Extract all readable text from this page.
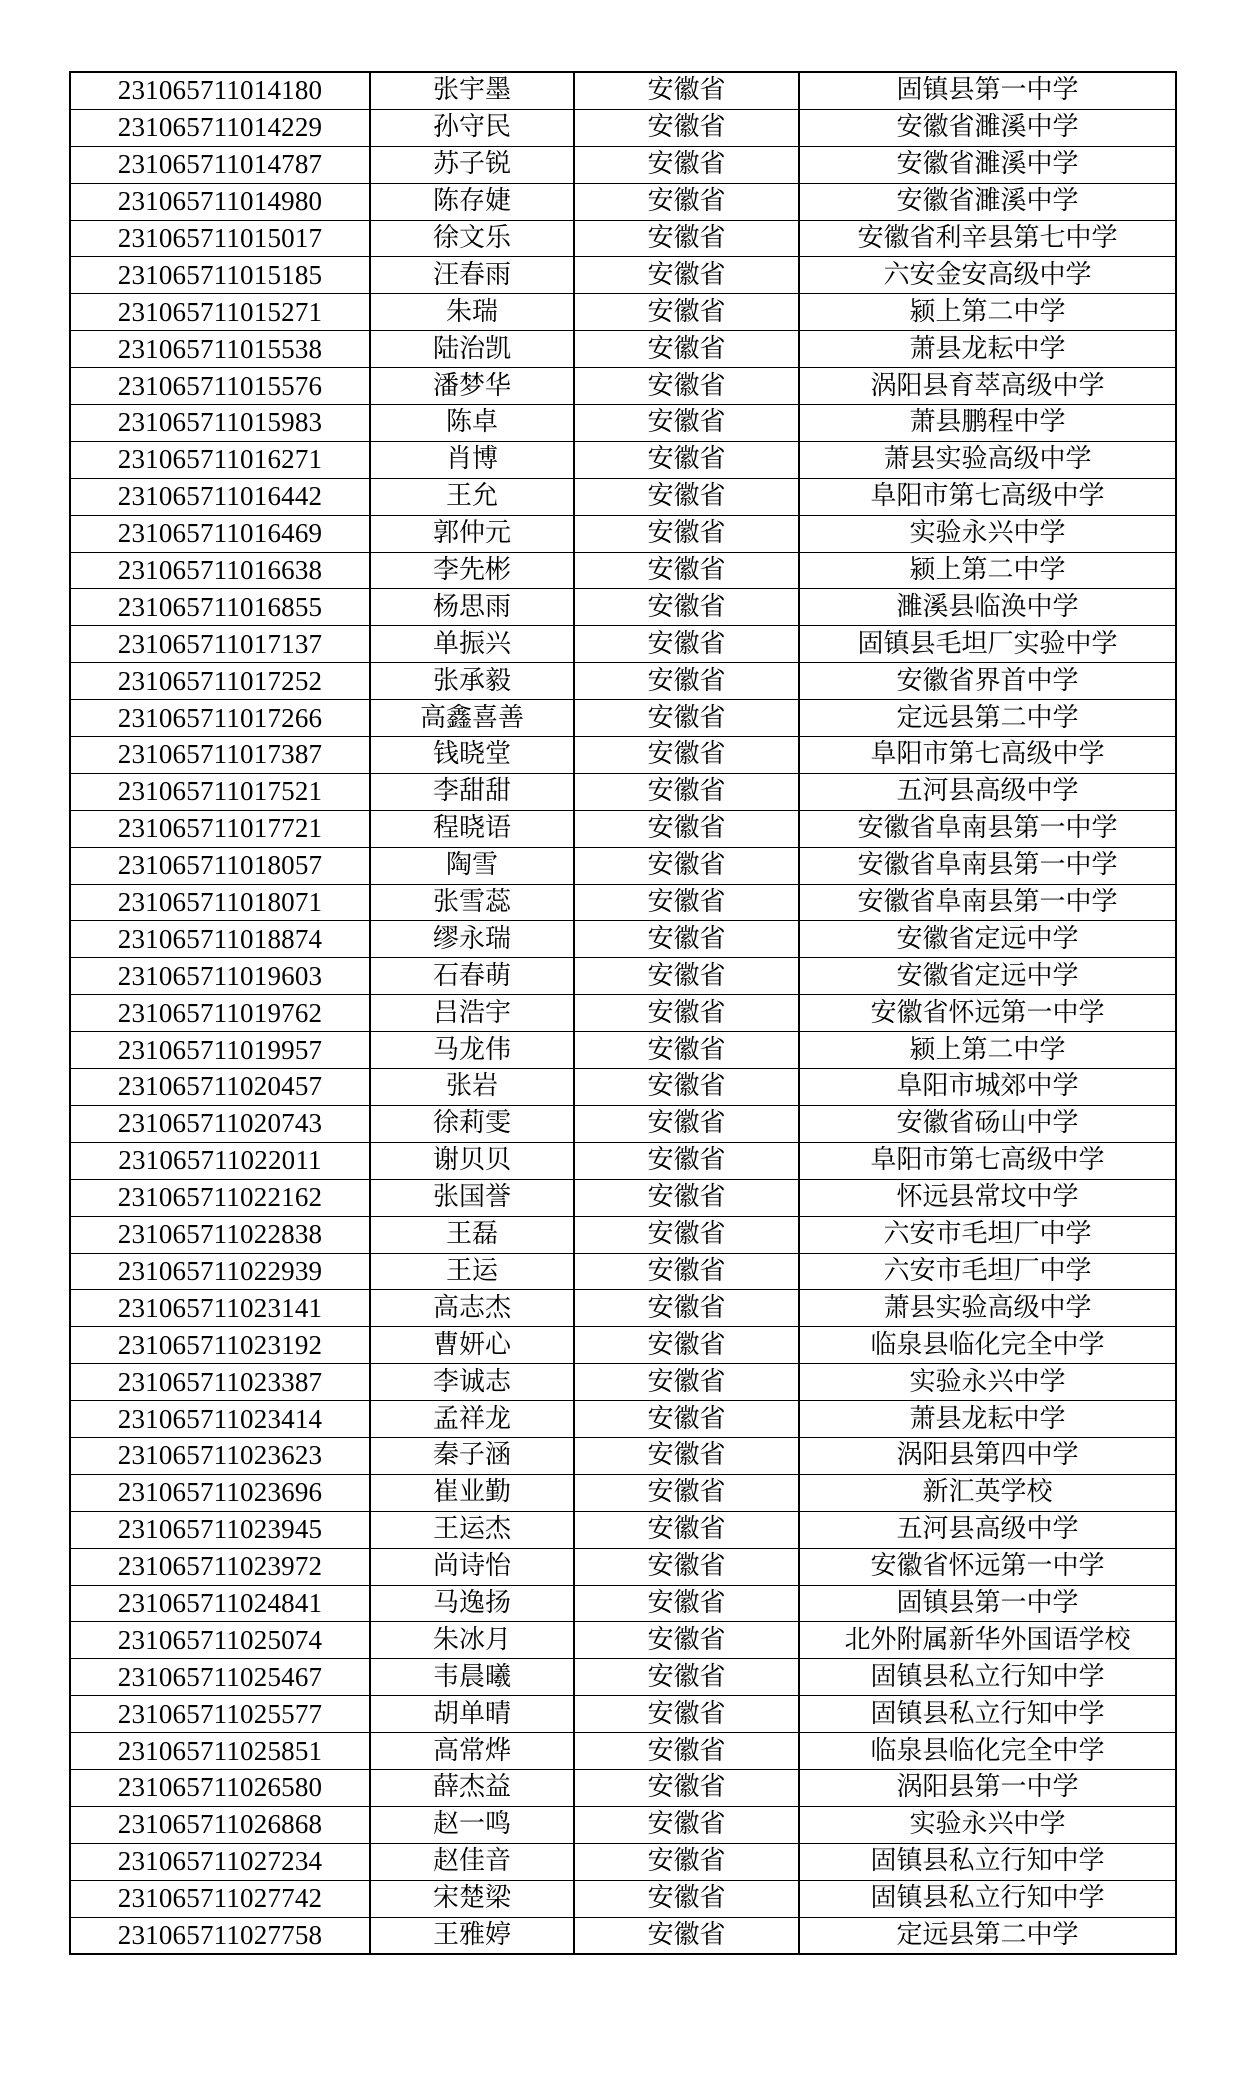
231065711014180	张宇墨	安徽省	固镇县第一中学
231065711014229	孙守民	安徽省	安徽省濉溪中学
231065711014787	苏子锐	安徽省	安徽省濉溪中学
231065711014980	陈存婕	安徽省	安徽省濉溪中学
231065711015017	徐文乐	安徽省	安徽省利辛县第七中学
231065711015185	汪春雨	安徽省	六安金安高级中学
231065711015271	朱瑞	安徽省	颍上第二中学
231065711015538	陆治凯	安徽省	萧县龙耘中学
231065711015576	潘梦华	安徽省	涡阳县育萃高级中学
231065711015983	陈卓	安徽省	萧县鹏程中学
231065711016271	肖博	安徽省	萧县实验高级中学
231065711016442	王允	安徽省	阜阳市第七高级中学
231065711016469	郭仲元	安徽省	实验永兴中学
231065711016638	李先彬	安徽省	颍上第二中学
231065711016855	杨思雨	安徽省	濉溪县临涣中学
231065711017137	单振兴	安徽省	固镇县毛坦厂实验中学
231065711017252	张承毅	安徽省	安徽省界首中学
231065711017266	高鑫喜善	安徽省	定远县第二中学
231065711017387	钱晓堂	安徽省	阜阳市第七高级中学
231065711017521	李甜甜	安徽省	五河县高级中学
231065711017721	程晓语	安徽省	安徽省阜南县第一中学
231065711018057	陶雪	安徽省	安徽省阜南县第一中学
231065711018071	张雪蕊	安徽省	安徽省阜南县第一中学
231065711018874	缪永瑞	安徽省	安徽省定远中学
231065711019603	石春萌	安徽省	安徽省定远中学
231065711019762	吕浩宇	安徽省	安徽省怀远第一中学
231065711019957	马龙伟	安徽省	颍上第二中学
231065711020457	张岩	安徽省	阜阳市城郊中学
231065711020743	徐莉雯	安徽省	安徽省砀山中学
231065711022011	谢贝贝	安徽省	阜阳市第七高级中学
231065711022162	张国誉	安徽省	怀远县常坟中学
231065711022838	王磊	安徽省	六安市毛坦厂中学
231065711022939	王运	安徽省	六安市毛坦厂中学
231065711023141	高志杰	安徽省	萧县实验高级中学
231065711023192	曹妍心	安徽省	临泉县临化完全中学
231065711023387	李诚志	安徽省	实验永兴中学
231065711023414	孟祥龙	安徽省	萧县龙耘中学
231065711023623	秦子涵	安徽省	涡阳县第四中学
231065711023696	崔业勤	安徽省	新汇英学校
231065711023945	王运杰	安徽省	五河县高级中学
231065711023972	尚诗怡	安徽省	安徽省怀远第一中学
231065711024841	马逸扬	安徽省	固镇县第一中学
231065711025074	朱冰月	安徽省	北外附属新华外国语学校
231065711025467	韦晨曦	安徽省	固镇县私立行知中学
231065711025577	胡单晴	安徽省	固镇县私立行知中学
231065711025851	高常烨	安徽省	临泉县临化完全中学
231065711026580	薛杰益	安徽省	涡阳县第一中学
231065711026868	赵一鸣	安徽省	实验永兴中学
231065711027234	赵佳音	安徽省	固镇县私立行知中学
231065711027742	宋楚梁	安徽省	固镇县私立行知中学
231065711027758	王雅婷	安徽省	定远县第二中学
